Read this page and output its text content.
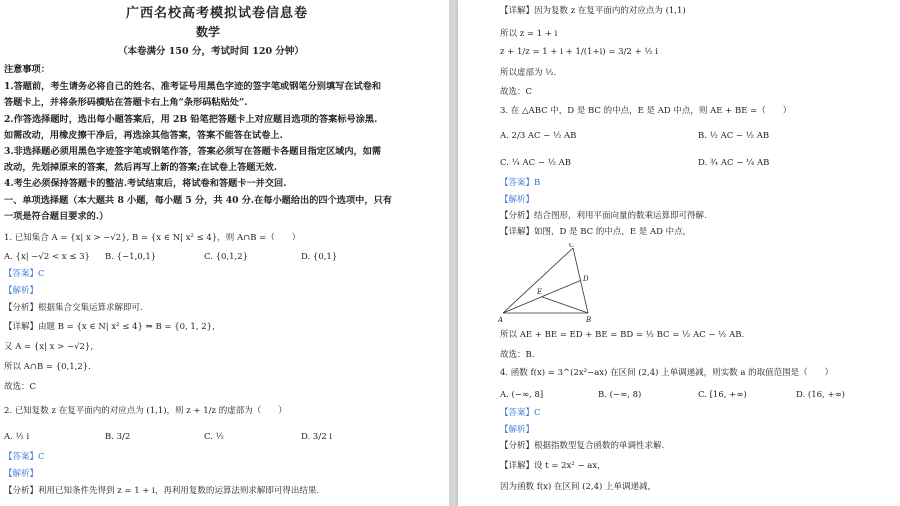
广西名校高考模拟试卷信息卷
数学
（本卷满分 150 分，考试时间 120 分钟）
注意事项：
1.答题前，考生请务必将自己的姓名、准考证号用黑色字迹的签字笔或钢笔分别填写在试卷和
答题卡上，并将条形码横贴在答题卡右上角“条形码粘贴处”.
2.作答选择题时，选出每小题答案后，用 2B 铅笔把答题卡上对应题目选项的答案标号涂黑.
如需改动，用橡皮擦干净后，再选涂其他答案，答案不能答在试卷上.
3.非选择题必须用黑色字迹签字笔或钢笔作答，答案必须写在答题卡各题目指定区域内，如需
改动，先划掉原来的答案，然后再写上新的答案;在试卷上答题无效.
4.考生必须保持答题卡的整洁.考试结束后，将试卷和答题卡一并交回.
一、单项选择题（本大题共 8 小题，每小题 5 分，共 40 分.在每小题给出的四个选项中，只有
一项是符合题目要求的.）
1. 已知集合 A = {x| x > −√2}, B = {x ∈ N| x² ≤ 4}，则 A∩B =（　　）
A. {x| −√2 < x ≤ 3} B. {−1,0,1}	C. {0,1,2}	D. {0,1}
【答案】C
【解析】
【分析】根据集合交集运算求解即可.
【详解】由题 B = {x ∈ N| x² ≤ 4} ⇒ B = {0, 1, 2}，
又 A = {x| x > −√2}，
所以 A∩B = {0,1,2}.
故选：C
2. 已知复数 z 在复平面内的对应点为 (1,1)，则 z + 1/z 的虚部为（　　）
A. ½ i	B. 3/2	C. ½	D. 3/2 i
【答案】C
【解析】
【分析】利用已知条件先得到 z = 1 + i，再利用复数的运算法则求解即可得出结果.
【详解】因为复数 z 在复平面内的对应点为 (1,1)
所以 z = 1 + i
z + 1/z = 1 + i + 1/(1+i) = 3/2 + ½ i
所以虚部为 ½.
故选：C
3. 在 △ABC 中，D 是 BC 的中点，E 是 AD 中点，则 AE + BE =（　　）
A. 2/3 AC − ½ AB	B. ½ AC − ½ AB
C. ¼ AC − ½ AB	D. ¾ AC − ¼ AB
【答案】B
【解析】
【分析】结合图形，利用平面向量的数乘运算即可得解.
【详解】如图，D 是 BC 的中点，E 是 AD 中点，
C
D
E
A	B
所以 AE + BE = ED + BE = BD = ½ BC = ½ AC − ½ AB.
故选：B.
4. 函数 f(x) = 3^(2x²−ax) 在区间 (2,4) 上单调递减，则实数 a 的取值范围是（　　）
A. (−∞, 8]	B. (−∞, 8)	C. [16, +∞)	D. (16, +∞)
【答案】C
【解析】
【分析】根据指数型复合函数的单调性求解.
【详解】设 t = 2x² − ax，
因为函数 f(x) 在区间 (2,4) 上单调递减，
